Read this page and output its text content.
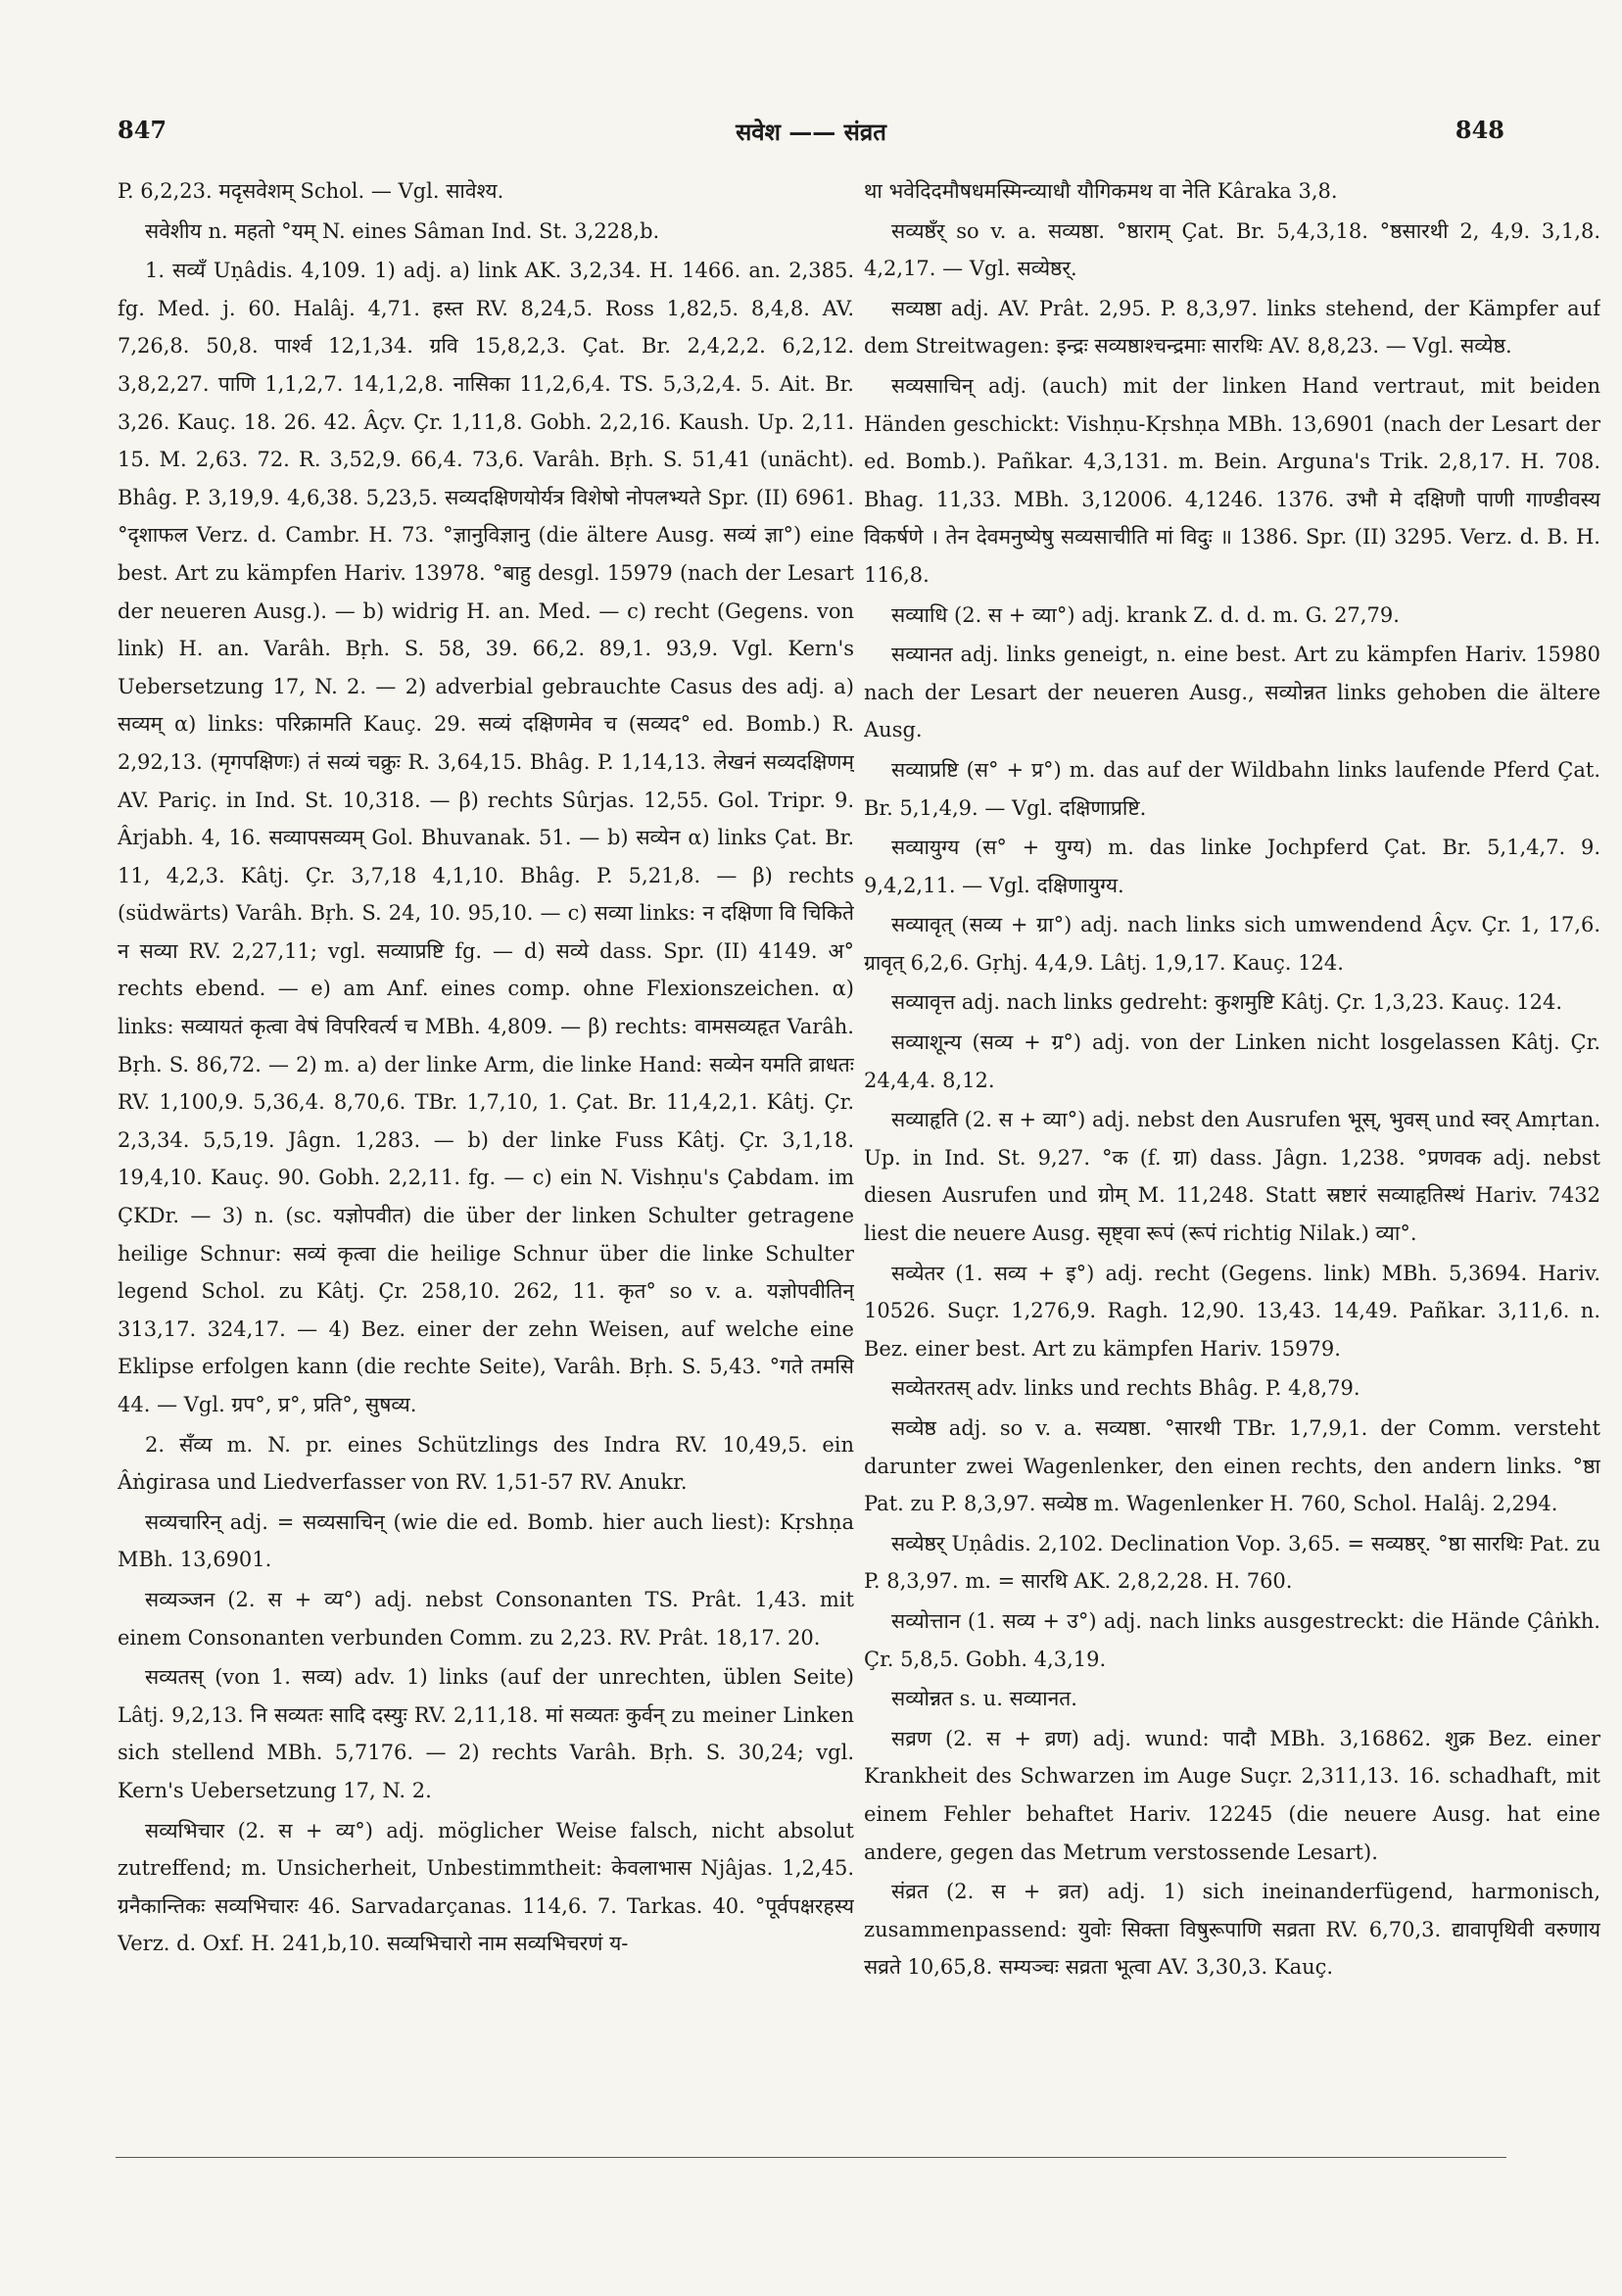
847	सवेश —— संव्रत	848

P. 6,2,23. मदृसवेशम् Schol. — Vgl. सावेश्य.

सवेशीय n. महतो °यम् N. eines Sâman Ind. St. 3,228,b.

1. सव्यँ Uṇâdis. 4,109. 1) adj. a) link AK. 3,2,34. H. 1466. an. 2,385. fg. Med. j. 60. Halâj. 4,71. हस्त RV. 8,24,5. Ross 1,82,5. 8,4,8. AV. 7,26,8. 50,8. पार्श्व 12,1,34. ग्रवि 15,8,2,3. Çat. Br. 2,4,2,2. 6,2,12. 3,8,2,27. पाणि 1,1,2,7. 14,1,2,8. नासिका 11,2,6,4. TS. 5,3,2,4. 5. Ait. Br. 3,26. Kauç. 18. 26. 42. Âçv. Çr. 1,11,8. Gobh. 2,2,16. Kaush. Up. 2,11. 15. M. 2,63. 72. R. 3,52,9. 66,4. 73,6. Varâh. Bṛh. S. 51,41 (unächt). Bhâg. P. 3,19,9. 4,6,38. 5,23,5. सव्यदक्षिणयोर्यत्र विशेषो नोपलभ्यते Spr. (II) 6961. °दृशाफल Verz. d. Cambr. H. 73. °ज्ञानुविज्ञानु (die ältere Ausg. सव्यं ज्ञा°) eine best. Art zu kämpfen Hariv. 13978. °बाहु desgl. 15979 (nach der Lesart der neueren Ausg.). — b) widrig H. an. Med. — c) recht (Gegens. von link) H. an. Varâh. Bṛh. S. 58, 39. 66,2. 89,1. 93,9. Vgl. Kern's Uebersetzung 17, N. 2. — 2) adverbial gebrauchte Casus des adj. a) सव्यम् α) links: परिक्रामति Kauç. 29. सव्यं दक्षिणमेव च (सव्यद° ed. Bomb.) R. 2,92,13. (मृगपक्षिणः) तं सव्यं चक्रुः R. 3,64,15. Bhâg. P. 1,14,13. लेखनं सव्यदक्षिणम् AV. Pariç. in Ind. St. 10,318. — β) rechts Sûrjas. 12,55. Gol. Tripr. 9. Ârjabh. 4, 16. सव्यापसव्यम् Gol. Bhuvanak. 51. — b) सव्येन α) links Çat. Br. 11, 4,2,3. Kâtj. Çr. 3,7,18 4,1,10. Bhâg. P. 5,21,8. — β) rechts (südwärts) Varâh. Bṛh. S. 24, 10. 95,10. — c) सव्या links: न दक्षिणा वि चिकिते न सव्या RV. 2,27,11; vgl. सव्याप्रष्टि fg. — d) सव्ये dass. Spr. (II) 4149. अ° rechts ebend. — e) am Anf. eines comp. ohne Flexionszeichen. α) links: सव्यायतं कृत्वा वेषं विपरिवर्त्य च MBh. 4,809. — β) rechts: वामसव्यहृत Varâh. Bṛh. S. 86,72. — 2) m. a) der linke Arm, die linke Hand: सव्येन यमति व्राधतः RV. 1,100,9. 5,36,4. 8,70,6. TBr. 1,7,10, 1. Çat. Br. 11,4,2,1. Kâtj. Çr. 2,3,34. 5,5,19. Jâgn. 1,283. — b) der linke Fuss Kâtj. Çr. 3,1,18. 19,4,10. Kauç. 90. Gobh. 2,2,11. fg. — c) ein N. Vishṇu's Çabdam. im ÇKDr. — 3) n. (sc. यज्ञोपवीत) die über der linken Schulter getragene heilige Schnur: सव्यं कृत्वा die heilige Schnur über die linke Schulter legend Schol. zu Kâtj. Çr. 258,10. 262, 11. कृत° so v. a. यज्ञोपवीतिन् 313,17. 324,17. — 4) Bez. einer der zehn Weisen, auf welche eine Eklipse erfolgen kann (die rechte Seite), Varâh. Bṛh. S. 5,43. °गते तमसि 44. — Vgl. ग्रप°, प्र°, प्रति°, सुषव्य.

2. सँव्य m. N. pr. eines Schützlings des Indra RV. 10,49,5. ein Âṅgirasa und Liedverfasser von RV. 1,51-57 RV. Anukr.

सव्यचारिन् adj. = सव्यसाचिन् (wie die ed. Bomb. hier auch liest): Kṛshṇa MBh. 13,6901.

सव्यञ्जन (2. स + व्य°) adj. nebst Consonanten TS. Prât. 1,43. mit einem Consonanten verbunden Comm. zu 2,23. RV. Prât. 18,17. 20.

सव्यतस् (von 1. सव्य) adv. 1) links (auf der unrechten, üblen Seite) Lâtj. 9,2,13. नि सव्यतः सादि दस्युः RV. 2,11,18. मां सव्यतः कुर्वन् zu meiner Linken sich stellend MBh. 5,7176. — 2) rechts Varâh. Bṛh. S. 30,24; vgl. Kern's Uebersetzung 17, N. 2.

सव्यभिचार (2. स + व्य°) adj. möglicher Weise falsch, nicht absolut zutreffend; m. Unsicherheit, Unbestimmtheit: केवलाभास Njâjas. 1,2,45. ग्रनैकान्तिकः सव्यभिचारः 46. Sarvadarçanas. 114,6. 7. Tarkas. 40. °पूर्वपक्षरहस्य Verz. d. Oxf. H. 241,b,10. सव्यभिचारो नाम सव्यभिचरणं य-

था भवेदिदमौषधमस्मिन्व्याधौ यौगिकमथ वा नेति Kâraka 3,8.

सव्यष्ठँर् so v. a. सव्यष्ठा. °ष्ठाराम् Çat. Br. 5,4,3,18. °ष्ठसारथी 2, 4,9. 3,1,8. 4,2,17. — Vgl. सव्येष्ठर्.

सव्यष्ठा adj. AV. Prât. 2,95. P. 8,3,97. links stehend, der Kämpfer auf dem Streitwagen: इन्द्रः सव्यष्ठाश्चन्द्रमाः सारथिः AV. 8,8,23. — Vgl. सव्येष्ठ.

सव्यसाचिन् adj. (auch) mit der linken Hand vertraut, mit beiden Händen geschickt: Vishṇu-Kṛshṇa MBh. 13,6901 (nach der Lesart der ed. Bomb.). Pañkar. 4,3,131. m. Bein. Arguna's Trik. 2,8,17. H. 708. Bhag. 11,33. MBh. 3,12006. 4,1246. 1376. उभौ मे दक्षिणौ पाणी गाण्डीवस्य विकर्षणे । तेन देवमनुष्येषु सव्यसाचीति मां विदुः ॥ 1386. Spr. (II) 3295. Verz. d. B. H. 116,8.

सव्याधि (2. स + व्या°) adj. krank Z. d. d. m. G. 27,79.

सव्यानत adj. links geneigt, n. eine best. Art zu kämpfen Hariv. 15980 nach der Lesart der neueren Ausg., सव्योन्नत links gehoben die ältere Ausg.

सव्याप्रष्टि (स° + प्र°) m. das auf der Wildbahn links laufende Pferd Çat. Br. 5,1,4,9. — Vgl. दक्षिणाप्रष्टि.

सव्यायुग्य (स° + युग्य) m. das linke Jochpferd Çat. Br. 5,1,4,7. 9. 9,4,2,11. — Vgl. दक्षिणायुग्य.

सव्यावृत् (सव्य + ग्रा°) adj. nach links sich umwendend Âçv. Çr. 1, 17,6. ग्रावृत् 6,2,6. Gṛhj. 4,4,9. Lâtj. 1,9,17. Kauç. 124.

सव्यावृत्त adj. nach links gedreht: कुशमुष्टि Kâtj. Çr. 1,3,23. Kauç. 124.

सव्याशून्य (सव्य + ग्र°) adj. von der Linken nicht losgelassen Kâtj. Çr. 24,4,4. 8,12.

सव्याहृति (2. स + व्या°) adj. nebst den Ausrufen भूस्, भुवस् und स्वर् Amṛtan. Up. in Ind. St. 9,27. °क (f. ग्रा) dass. Jâgn. 1,238. °प्रणवक adj. nebst diesen Ausrufen und ग्रोम् M. 11,248. Statt स्रष्टारं सव्याहृतिस्थं Hariv. 7432 liest die neuere Ausg. सृष्ट्वा रूपं (रूपं richtig Nilak.) व्या°.

सव्येतर (1. सव्य + इ°) adj. recht (Gegens. link) MBh. 5,3694. Hariv. 10526. Suçr. 1,276,9. Ragh. 12,90. 13,43. 14,49. Pañkar. 3,11,6. n. Bez. einer best. Art zu kämpfen Hariv. 15979.

सव्येतरतस् adv. links und rechts Bhâg. P. 4,8,79.

सव्येष्ठ adj. so v. a. सव्यष्ठा. °सारथी TBr. 1,7,9,1. der Comm. versteht darunter zwei Wagenlenker, den einen rechts, den andern links. °ष्ठा Pat. zu P. 8,3,97. सव्येष्ठ m. Wagenlenker H. 760, Schol. Halâj. 2,294.

सव्येष्ठर् Uṇâdis. 2,102. Declination Vop. 3,65. = सव्यष्ठर्. °ष्ठा सारथिः Pat. zu P. 8,3,97. m. = सारथि AK. 2,8,2,28. H. 760.

सव्योत्तान (1. सव्य + उ°) adj. nach links ausgestreckt: die Hände Çâṅkh. Çr. 5,8,5. Gobh. 4,3,19.

सव्योन्नत s. u. सव्यानत.

सव्रण (2. स + व्रण) adj. wund: पादौ MBh. 3,16862. शुक्र Bez. einer Krankheit des Schwarzen im Auge Suçr. 2,311,13. 16. schadhaft, mit einem Fehler behaftet Hariv. 12245 (die neuere Ausg. hat eine andere, gegen das Metrum verstossende Lesart).

संव्रत (2. स + व्रत) adj. 1) sich ineinanderfügend, harmonisch, zusammenpassend: युवोः सिक्ता विषुरूपाणि सव्रता RV. 6,70,3. द्यावापृथिवी वरुणाय सव्रते 10,65,8. सम्यञ्चः सव्रता भूत्वा AV. 3,30,3. Kauç.
